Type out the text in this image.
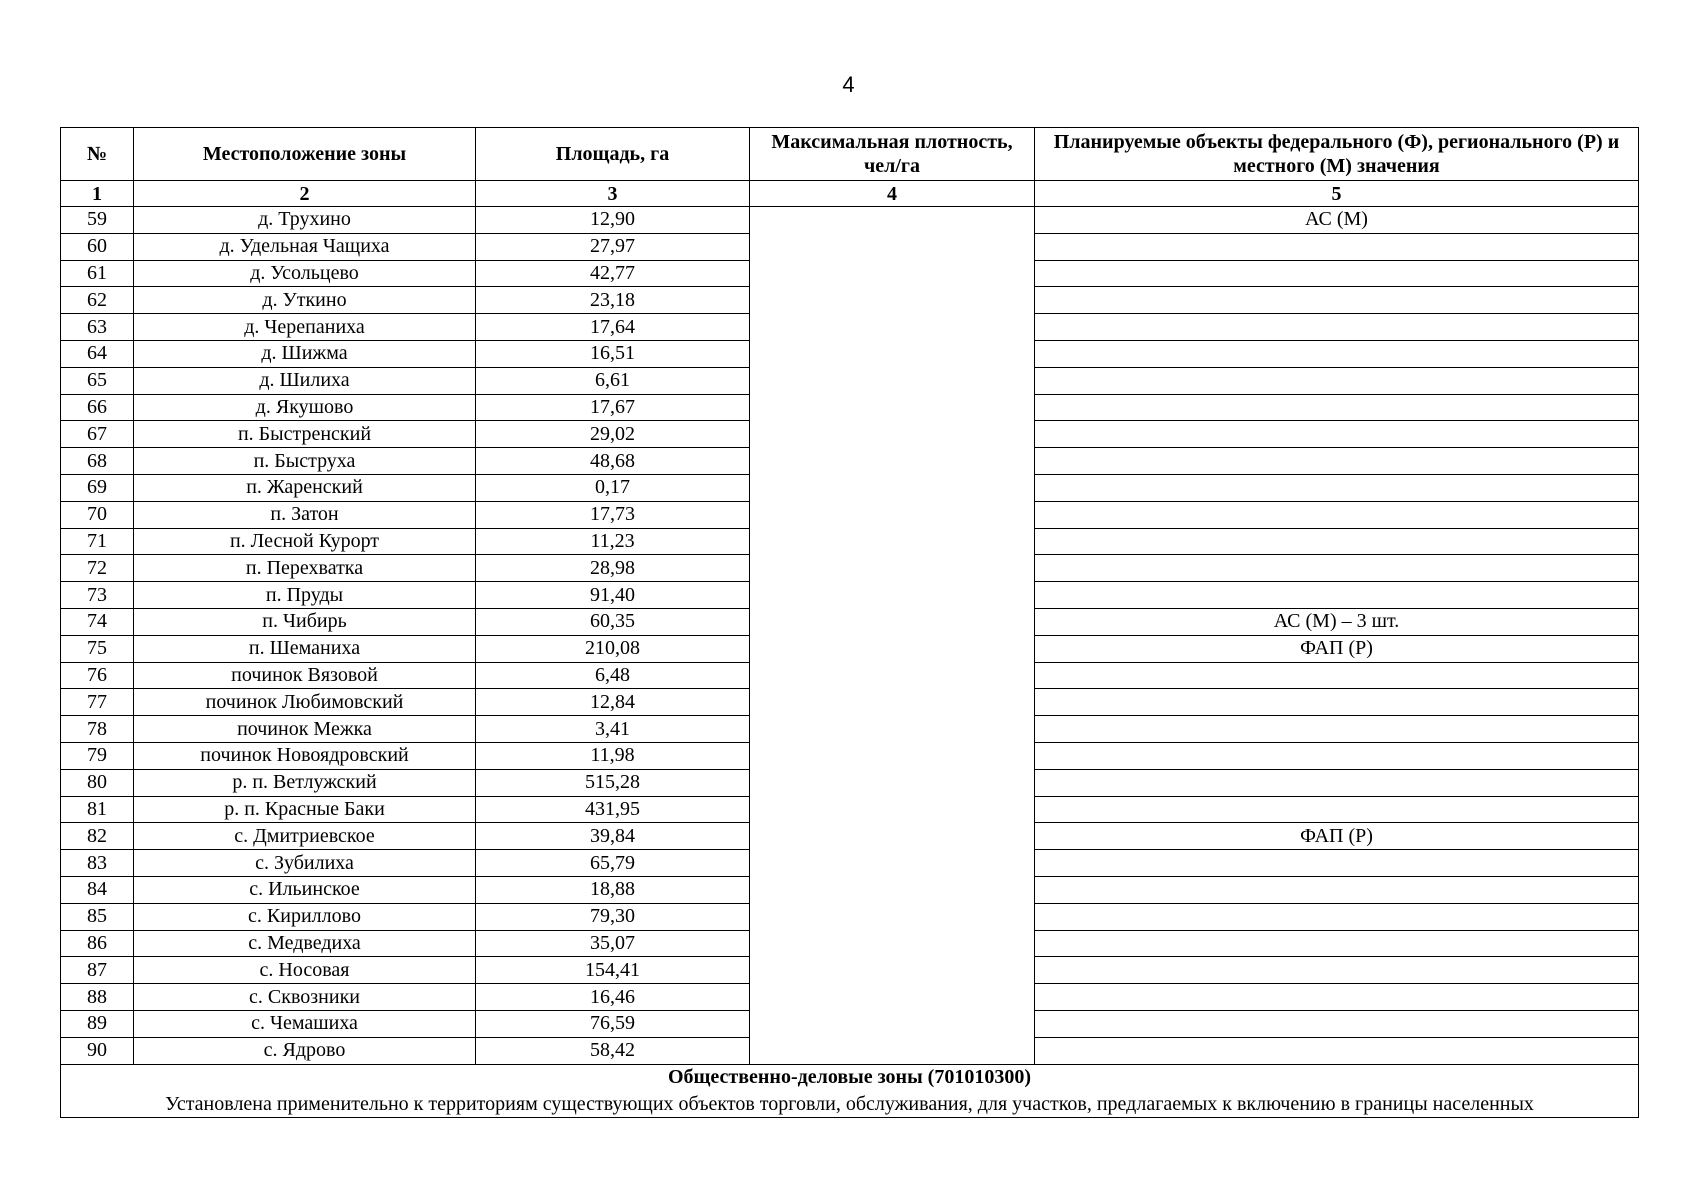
4
№	Местоположение зоны	Площадь, га	Максимальная плотность, чел/га	Планируемые объекты федерального (Ф), регионального (Р) и местного (М) значения
1	2	3	4	5
59	д. Трухино	12,90		АС (М)
60	д. Удельная Чащиха	27,97		
61	д. Усольцево	42,77		
62	д. Уткино	23,18		
63	д. Черепаниха	17,64		
64	д. Шижма	16,51		
65	д. Шилиха	6,61		
66	д. Якушово	17,67		
67	п. Быстренский	29,02		
68	п. Быструха	48,68		
69	п. Жаренский	0,17		
70	п. Затон	17,73		
71	п. Лесной Курорт	11,23		
72	п. Перехватка	28,98		
73	п. Пруды	91,40		
74	п. Чибирь	60,35		АС (М) – 3 шт.
75	п. Шеманиха	210,08		ФАП (Р)
76	починок Вязовой	6,48		
77	починок Любимовский	12,84		
78	починок Межка	3,41		
79	починок Новоядровский	11,98		
80	р. п. Ветлужский	515,28		
81	р. п. Красные Баки	431,95		
82	с. Дмитриевское	39,84		ФАП (Р)
83	с. Зубилиха	65,79		
84	с. Ильинское	18,88		
85	с. Кириллово	79,30		
86	с. Медведиха	35,07		
87	с. Носовая	154,41		
88	с. Сквозники	16,46		
89	с. Чемашиха	76,59		
90	с. Ядрово	58,42		
Общественно-деловые зоны (701010300)				
Установлена применительно к территориям существующих объектов торговли, обслуживания, для участков, предлагаемых к включению в границы населенных				
